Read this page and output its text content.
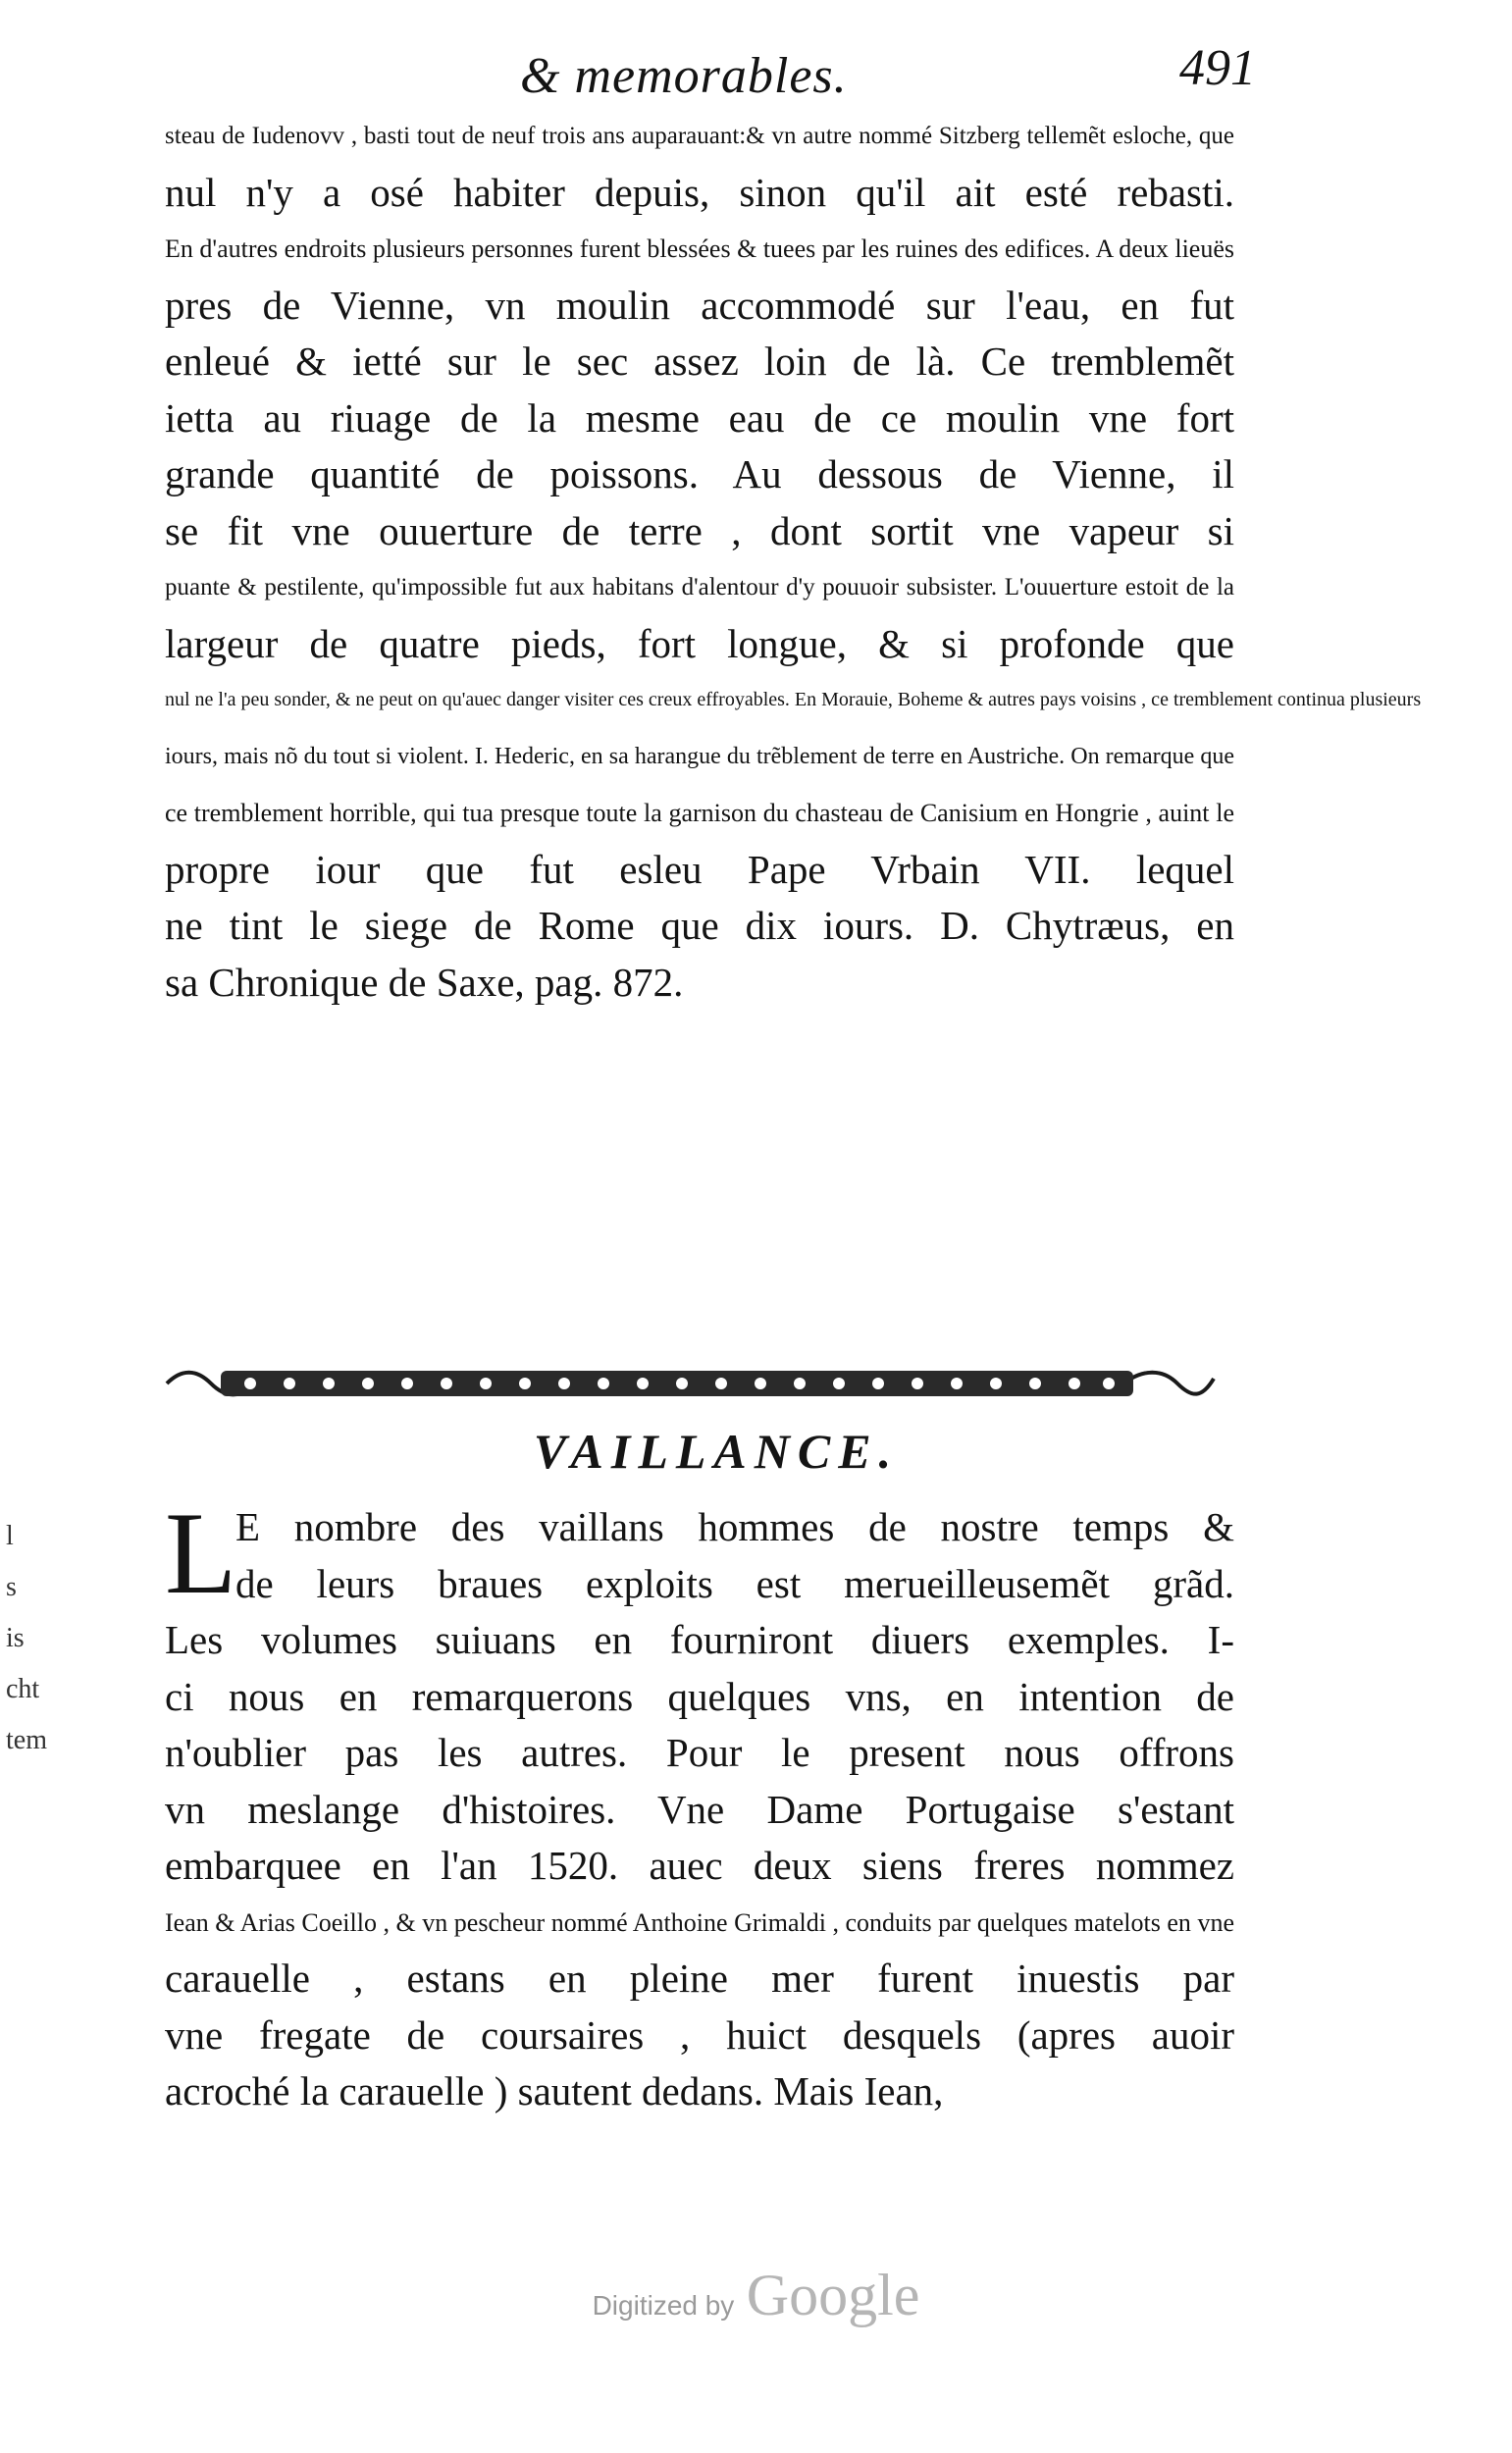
& memorables.	491
steau de Iudenovv , basti tout de neuf trois ans auparauant:& vn autre nommé Sitzberg tellemẽt esloche, que
nul n'y a osé habiter depuis, sinon qu'il ait esté rebasti.
En d'autres endroits plusieurs personnes furent blessées & tuees par les ruines des edifices. A deux lieuës
pres de Vienne, vn moulin accommodé sur l'eau, en fut
enleué & ietté sur le sec assez loin de là. Ce tremblemẽt
ietta au riuage de la mesme eau de ce moulin vne fort
grande quantité de poissons. Au dessous de Vienne, il
se fit vne ouuerture de terre , dont sortit vne vapeur si
puante & pestilente, qu'impossible fut aux habitans d'alentour d'y pouuoir subsister. L'ouuerture estoit de la
largeur de quatre pieds, fort longue, & si profonde que
nul ne l'a peu sonder, & ne peut on qu'auec danger visiter ces creux effroyables. En Morauie, Boheme & autres pays voisins , ce tremblement continua plusieurs
iours, mais nõ du tout si violent. I. Hederic, en sa harangue du trẽblement de terre en Austriche. On remarque que
ce tremblement horrible, qui tua presque toute la garnison du chasteau de Canisium en Hongrie , auint le
propre iour que fut esleu Pape Vrbain VII. lequel
ne tint le siege de Rome que dix iours. D. Chytræus, en
sa Chronique de Saxe, pag. 872.
VAILLANCE.
L
E nombre des vaillans hommes de nostre temps &
de leurs braues exploits est merueilleusemẽt grãd.
Les volumes suiuans en fourniront diuers exemples. I-
ci nous en remarquerons quelques vns, en intention de
n'oublier pas les autres. Pour le present nous offrons
vn meslange d'histoires. Vne Dame Portugaise s'estant
embarquee en l'an 1520. auec deux siens freres nommez
Iean & Arias Coeillo , & vn pescheur nommé Anthoine Grimaldi , conduits par quelques matelots en vne
carauelle , estans en pleine mer furent inuestis par
vne fregate de coursaires , huict desquels (apres auoir
acroché la carauelle ) sautent dedans. Mais Iean,
l
s
is
cht
tem
Digitized by Google
